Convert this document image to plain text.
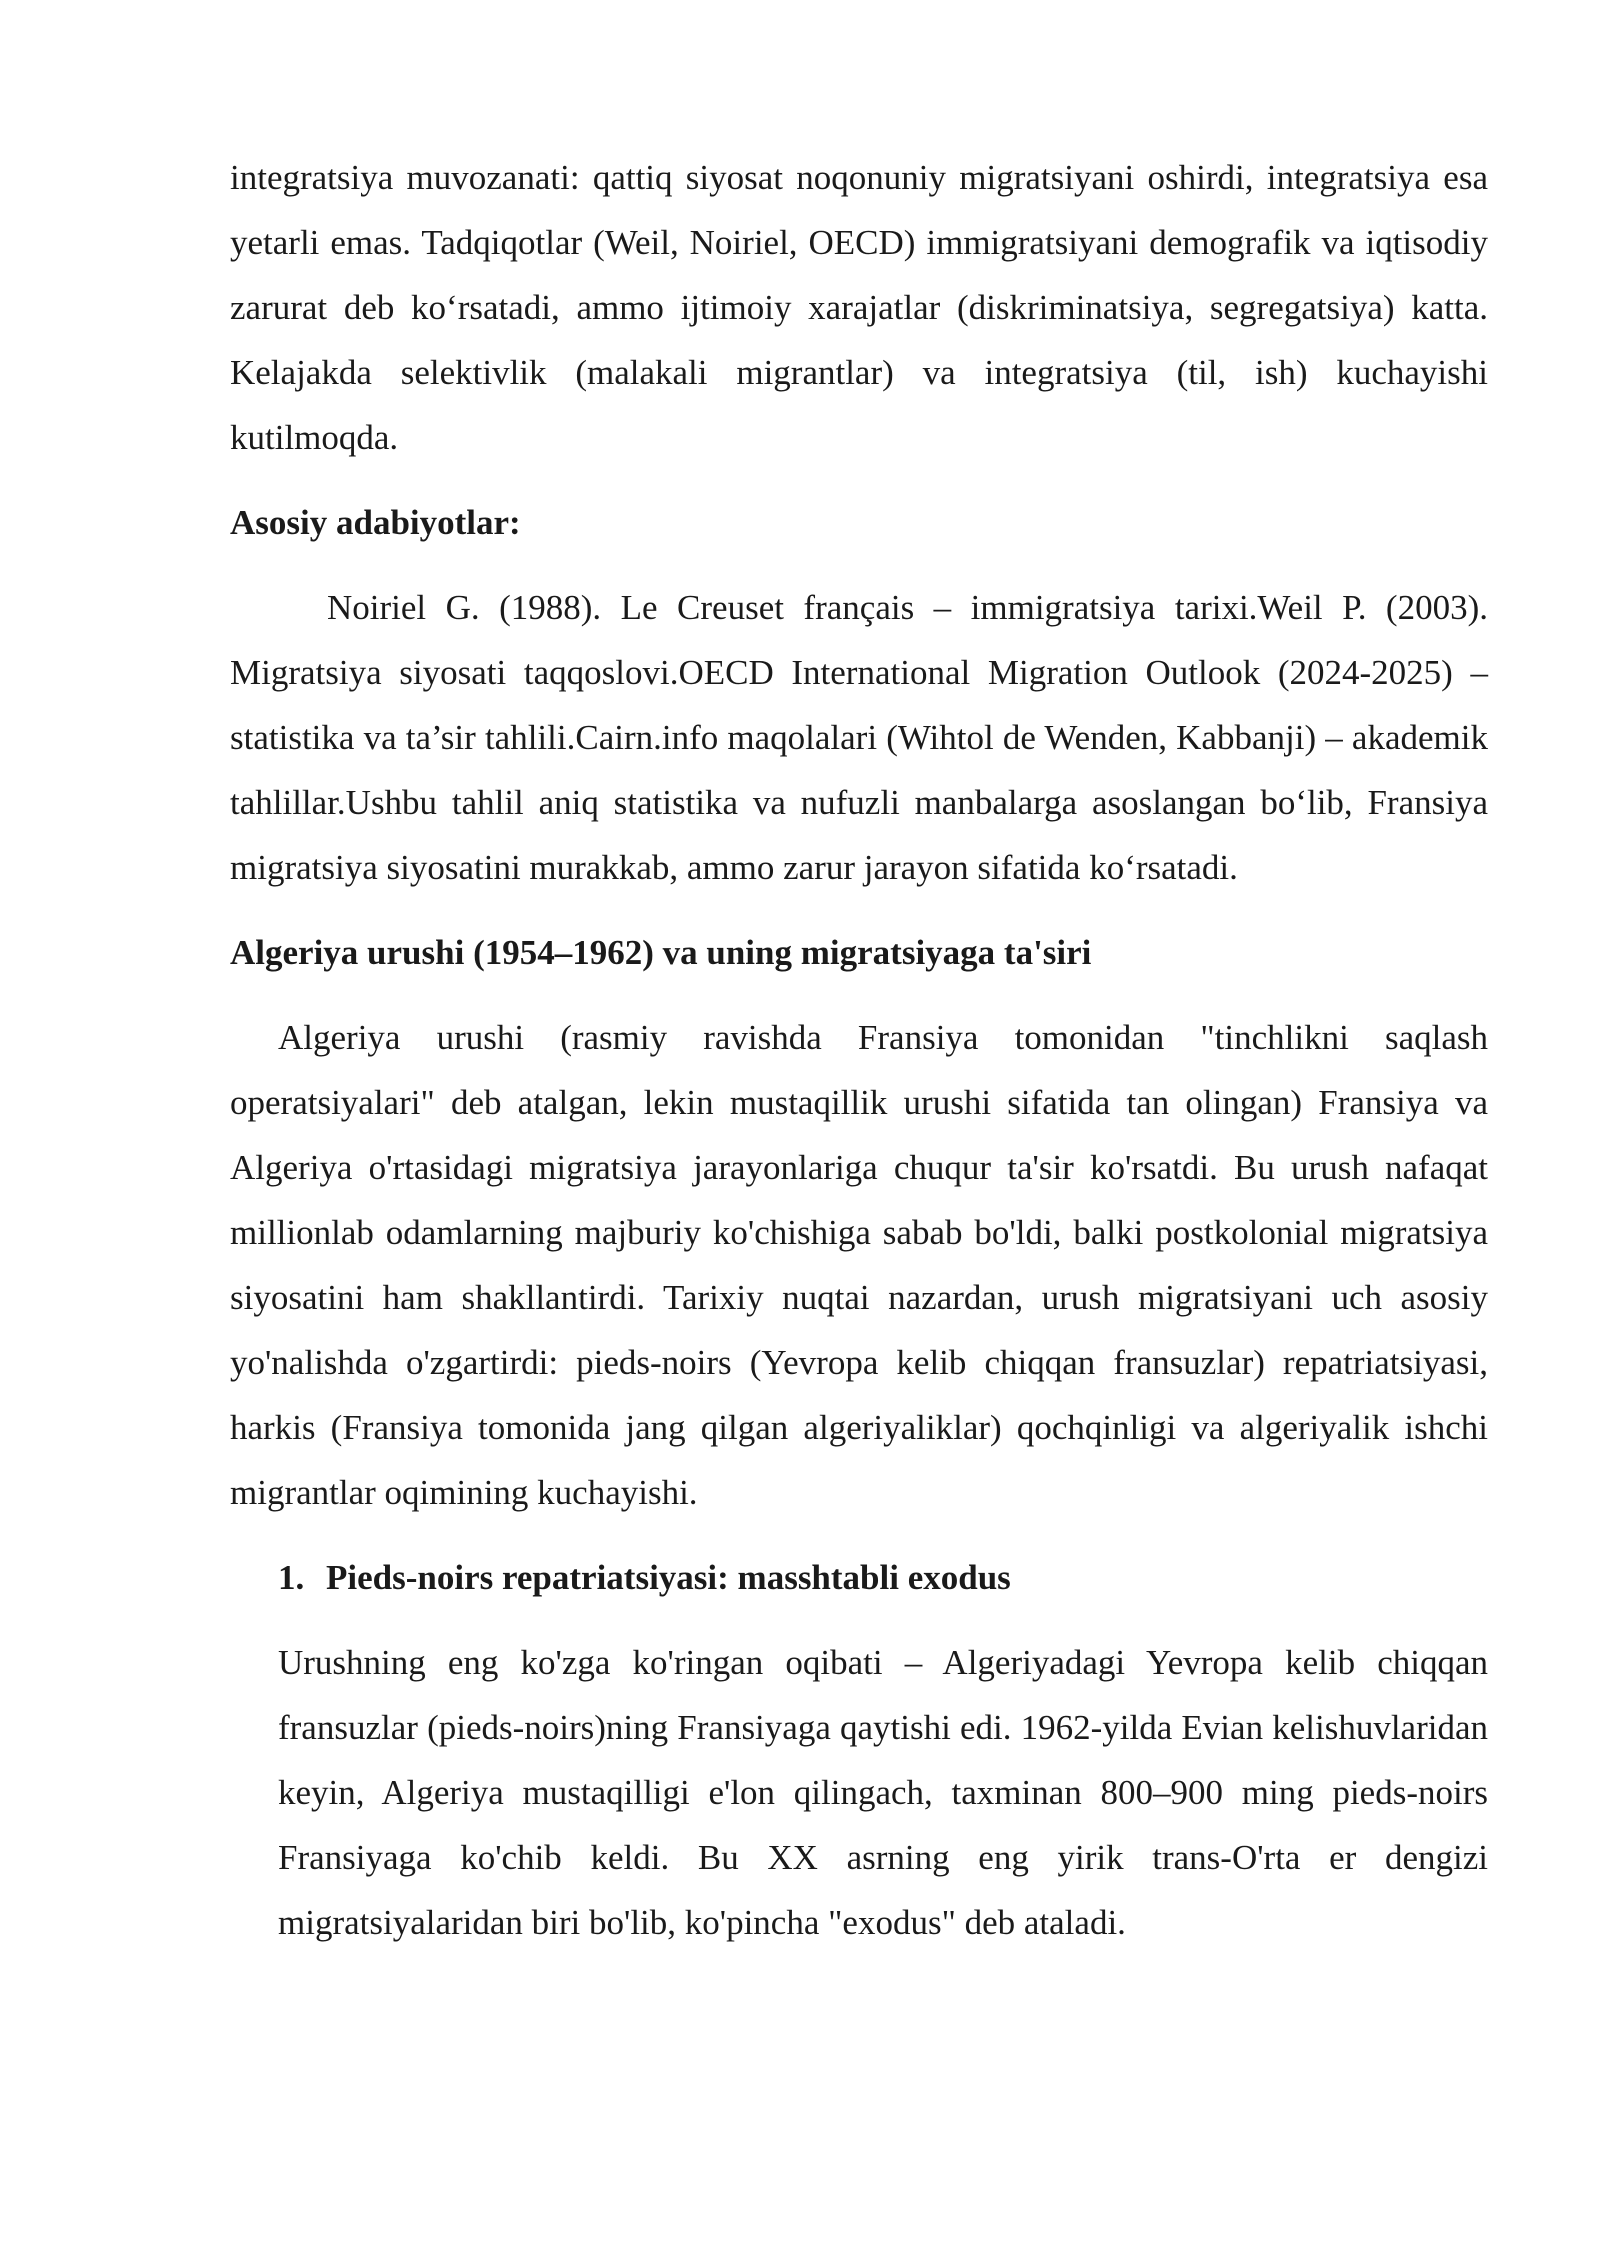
integratsiya muvozanati: qattiq siyosat noqonuniy migratsiyani oshirdi, integratsiya esa yetarli emas. Tadqiqotlar (Weil, Noiriel, OECD) immigratsiyani demografik va iqtisodiy zarurat deb ko‘rsatadi, ammo ijtimoiy xarajatlar (diskriminatsiya, segregatsiya) katta. Kelajakda selektivlik (malakali migrantlar) va integratsiya (til, ish) kuchayishi kutilmoqda.

Asosiy adabiyotlar:

Noiriel G. (1988). Le Creuset français – immigratsiya tarixi.Weil P. (2003). Migratsiya siyosati taqqoslovi.OECD International Migration Outlook (2024-2025) – statistika va ta’sir tahlili.Cairn.info maqolalari (Wihtol de Wenden, Kabbanji) – akademik tahlillar.Ushbu tahlil aniq statistika va nufuzli manbalarga asoslangan bo‘lib, Fransiya migratsiya siyosatini murakkab, ammo zarur jarayon sifatida ko‘rsatadi.

Algeriya urushi (1954–1962) va uning migratsiyaga ta'siri

Algeriya urushi (rasmiy ravishda Fransiya tomonidan "tinchlikni saqlash operatsiyalari" deb atalgan, lekin mustaqillik urushi sifatida tan olingan) Fransiya va Algeriya o'rtasidagi migratsiya jarayonlariga chuqur ta'sir ko'rsatdi. Bu urush nafaqat millionlab odamlarning majburiy ko'chishiga sabab bo'ldi, balki postkolonial migratsiya siyosatini ham shakllantirdi. Tarixiy nuqtai nazardan, urush migratsiyani uch asosiy yo'nalishda o'zgartirdi: pieds-noirs (Yevropa kelib chiqqan fransuzlar) repatriatsiyasi, harkis (Fransiya tomonida jang qilgan algeriyaliklar) qochqinligi va algeriyalik ishchi migrantlar oqimining kuchayishi.

1. Pieds-noirs repatriatsiyasi: masshtabli exodus

Urushning eng ko'zga ko'ringan oqibati – Algeriyadagi Yevropa kelib chiqqan fransuzlar (pieds-noirs)ning Fransiyaga qaytishi edi. 1962-yilda Evian kelishuvlaridan keyin, Algeriya mustaqilligi e'lon qilingach, taxminan 800–900 ming pieds-noirs Fransiyaga ko'chib keldi. Bu XX asrning eng yirik trans-O'rta er dengizi migratsiyalaridan biri bo'lib, ko'pincha "exodus" deb ataladi.
